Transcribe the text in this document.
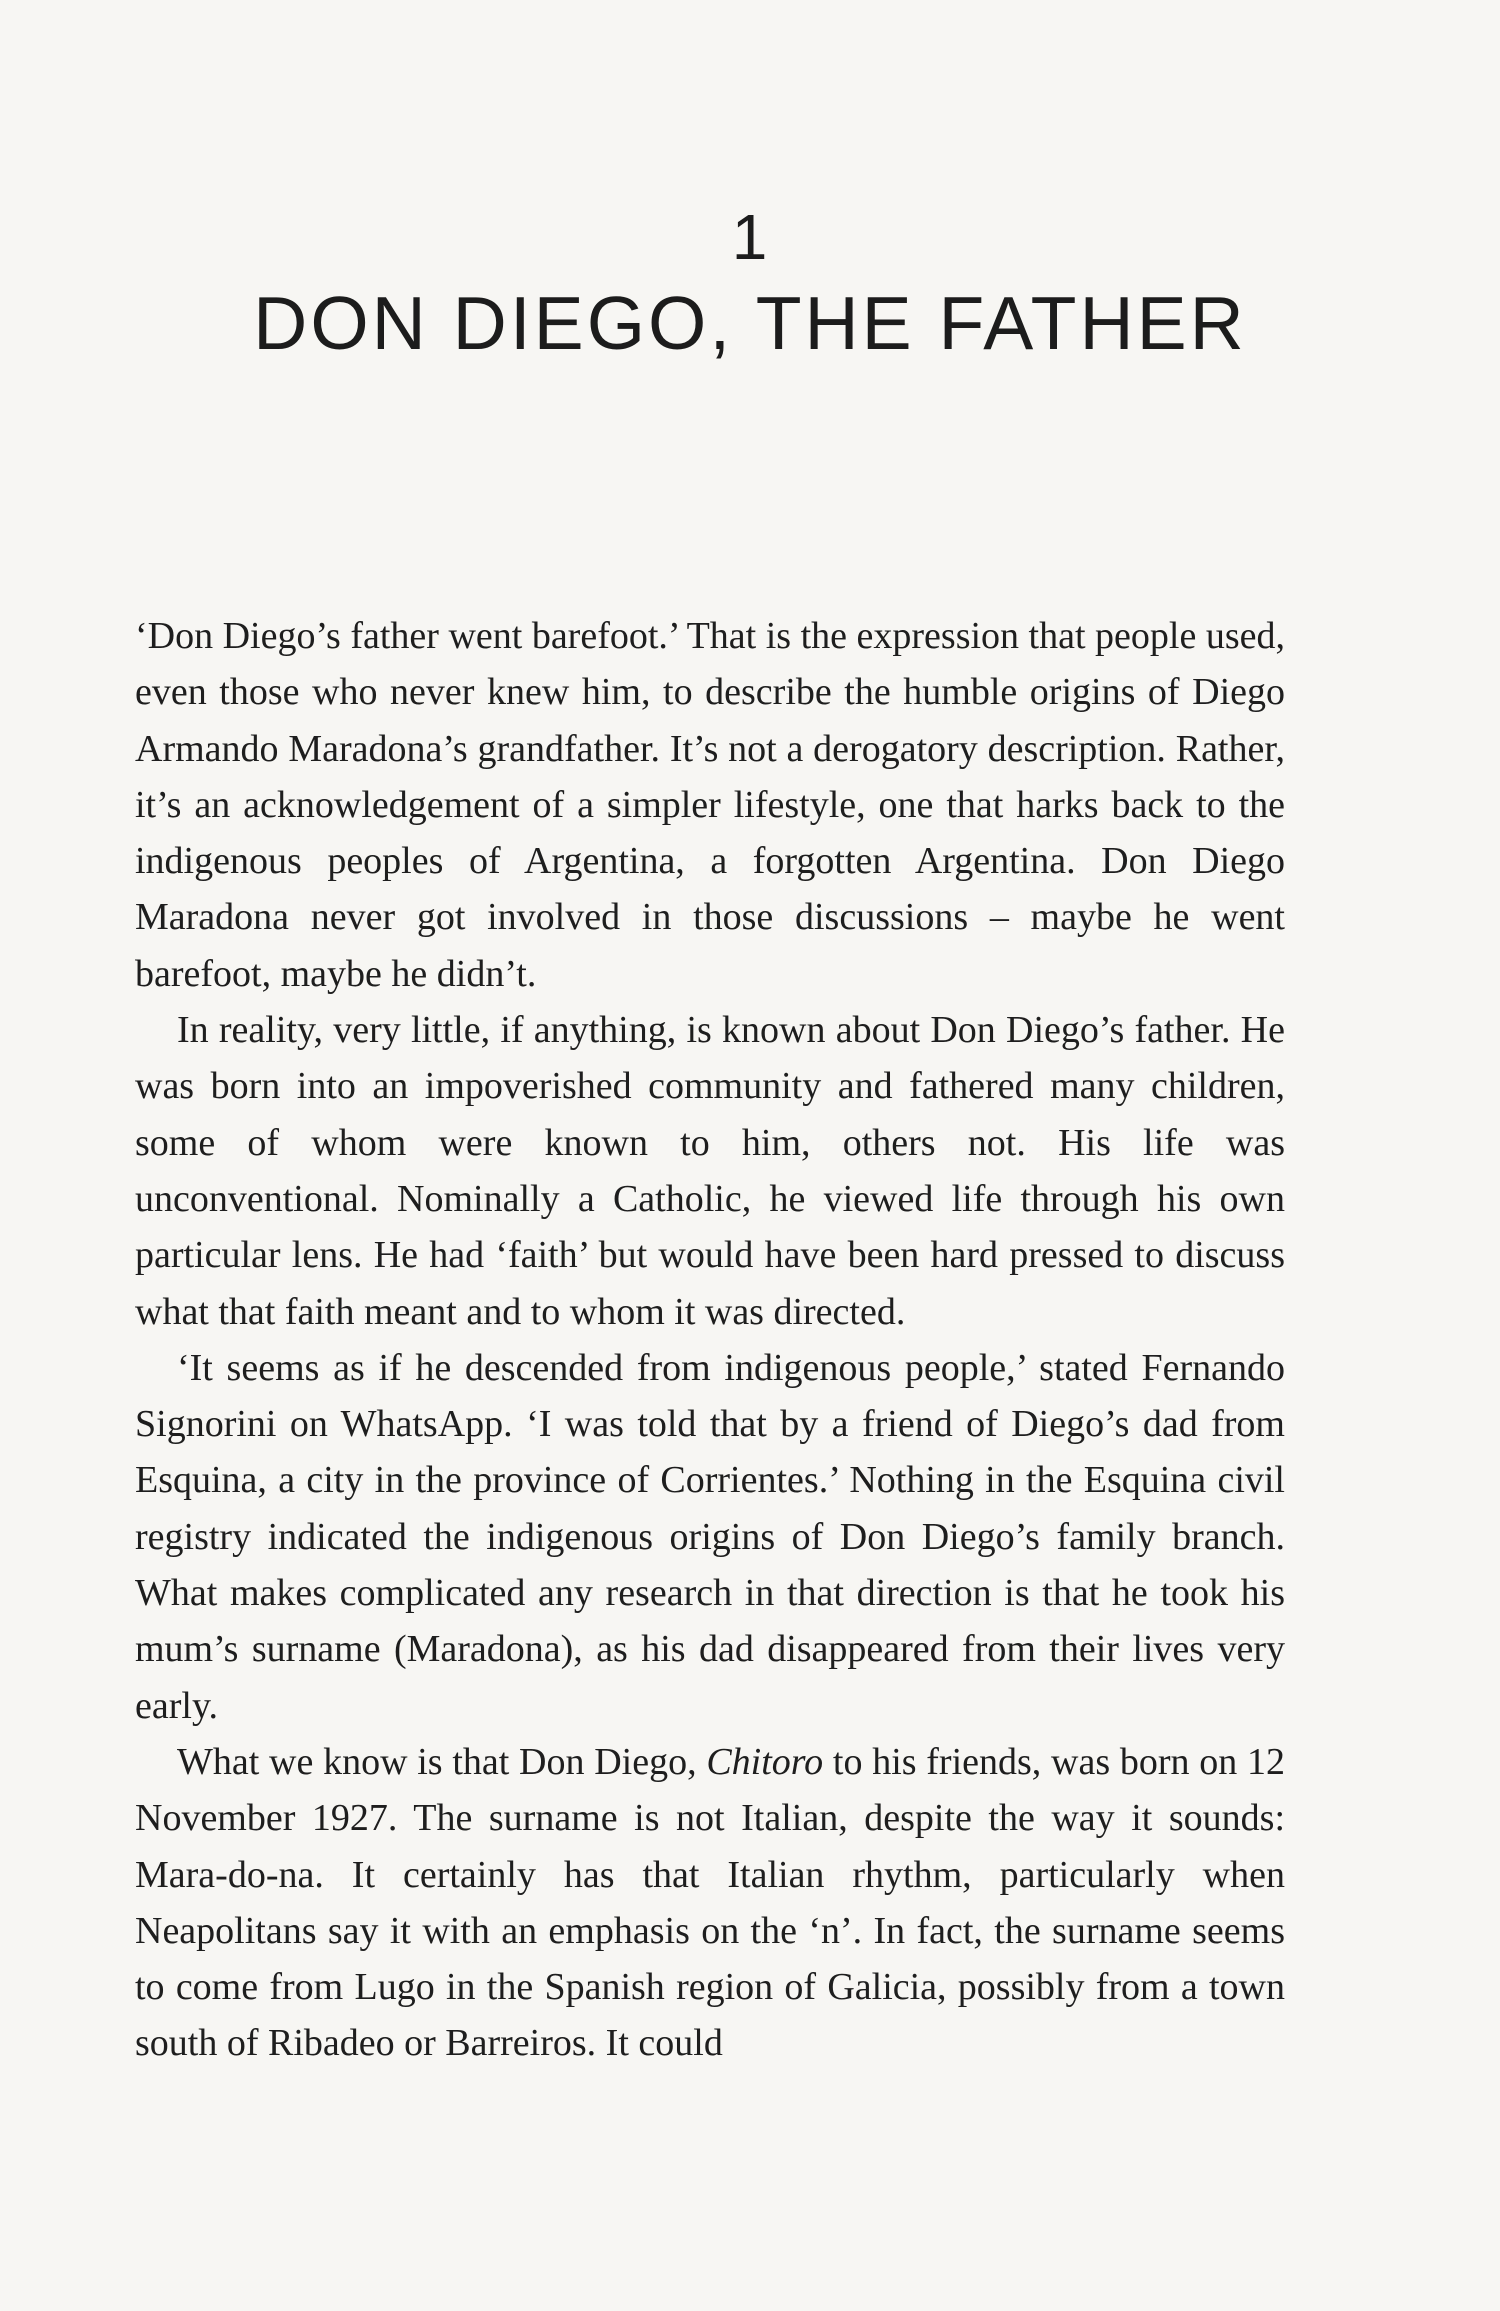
1
DON DIEGO, THE FATHER

‘Don Diego’s father went barefoot.’ That is the expression that people used, even those who never knew him, to describe the humble origins of Diego Armando Maradona’s grandfather. It’s not a derogatory description. Rather, it’s an acknowledgement of a simpler lifestyle, one that harks back to the indigenous peoples of Argentina, a forgotten Argentina. Don Diego Maradona never got involved in those discussions – maybe he went barefoot, maybe he didn’t.

In reality, very little, if anything, is known about Don Diego’s father. He was born into an impoverished community and fathered many children, some of whom were known to him, others not. His life was unconventional. Nominally a Catholic, he viewed life through his own particular lens. He had ‘faith’ but would have been hard pressed to discuss what that faith meant and to whom it was directed.

‘It seems as if he descended from indigenous people,’ stated Fernando Signorini on WhatsApp. ‘I was told that by a friend of Diego’s dad from Esquina, a city in the province of Corrientes.’ Nothing in the Esquina civil registry indicated the indigenous origins of Don Diego’s family branch. What makes complicated any research in that direction is that he took his mum’s surname (Maradona), as his dad disappeared from their lives very early.

What we know is that Don Diego, Chitoro to his friends, was born on 12 November 1927. The surname is not Italian, despite the way it sounds: Mara-do-na. It certainly has that Italian rhythm, particularly when Neapolitans say it with an emphasis on the ‘n’. In fact, the surname seems to come from Lugo in the Spanish region of Galicia, possibly from a town south of Ribadeo or Barreiros. It could
